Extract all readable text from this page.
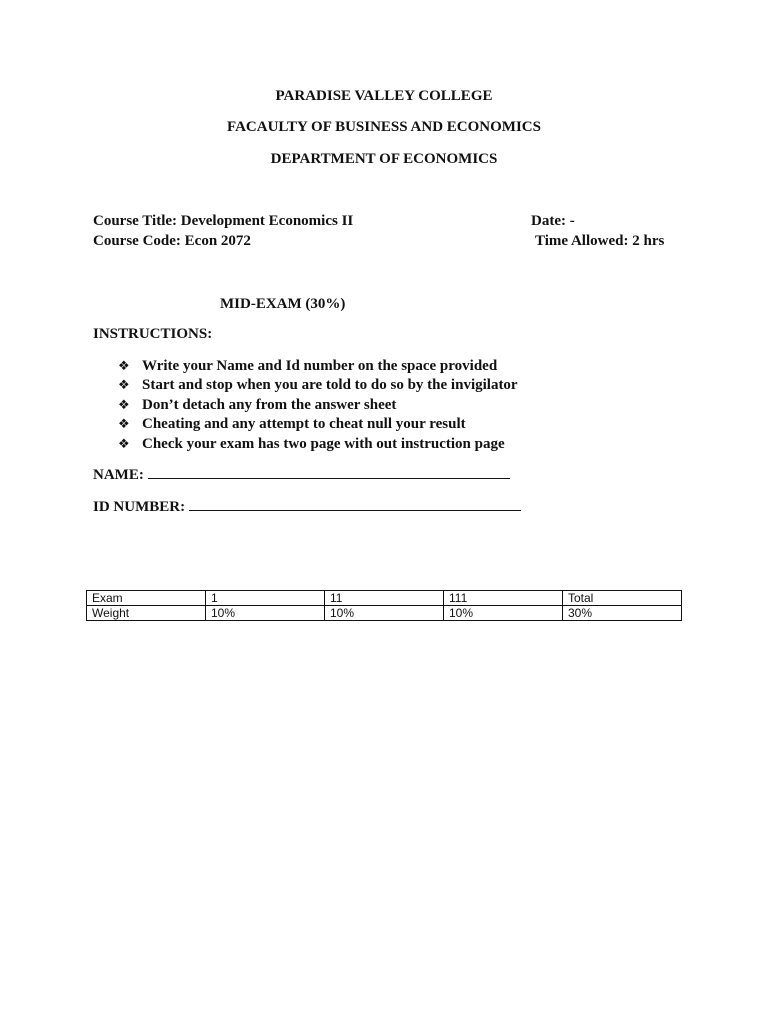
PARADISE VALLEY COLLEGE
FACAULTY OF BUSINESS AND ECONOMICS
DEPARTMENT OF ECONOMICS
Course Title: Development Economics II	Date: -
Course Code: Econ 2072	Time Allowed: 2 hrs
MID-EXAM (30%)
INSTRUCTIONS:
❖ Write your Name and Id number on the space provided
❖ Start and stop when you are told to do so by the invigilator
❖ Don’t detach any from the answer sheet
❖ Cheating and any attempt to cheat null your result
❖ Check your exam has two page with out instruction page
NAME:
ID NUMBER:
Exam	1	11	111	Total
Weight	10%	10%	10%	30%
